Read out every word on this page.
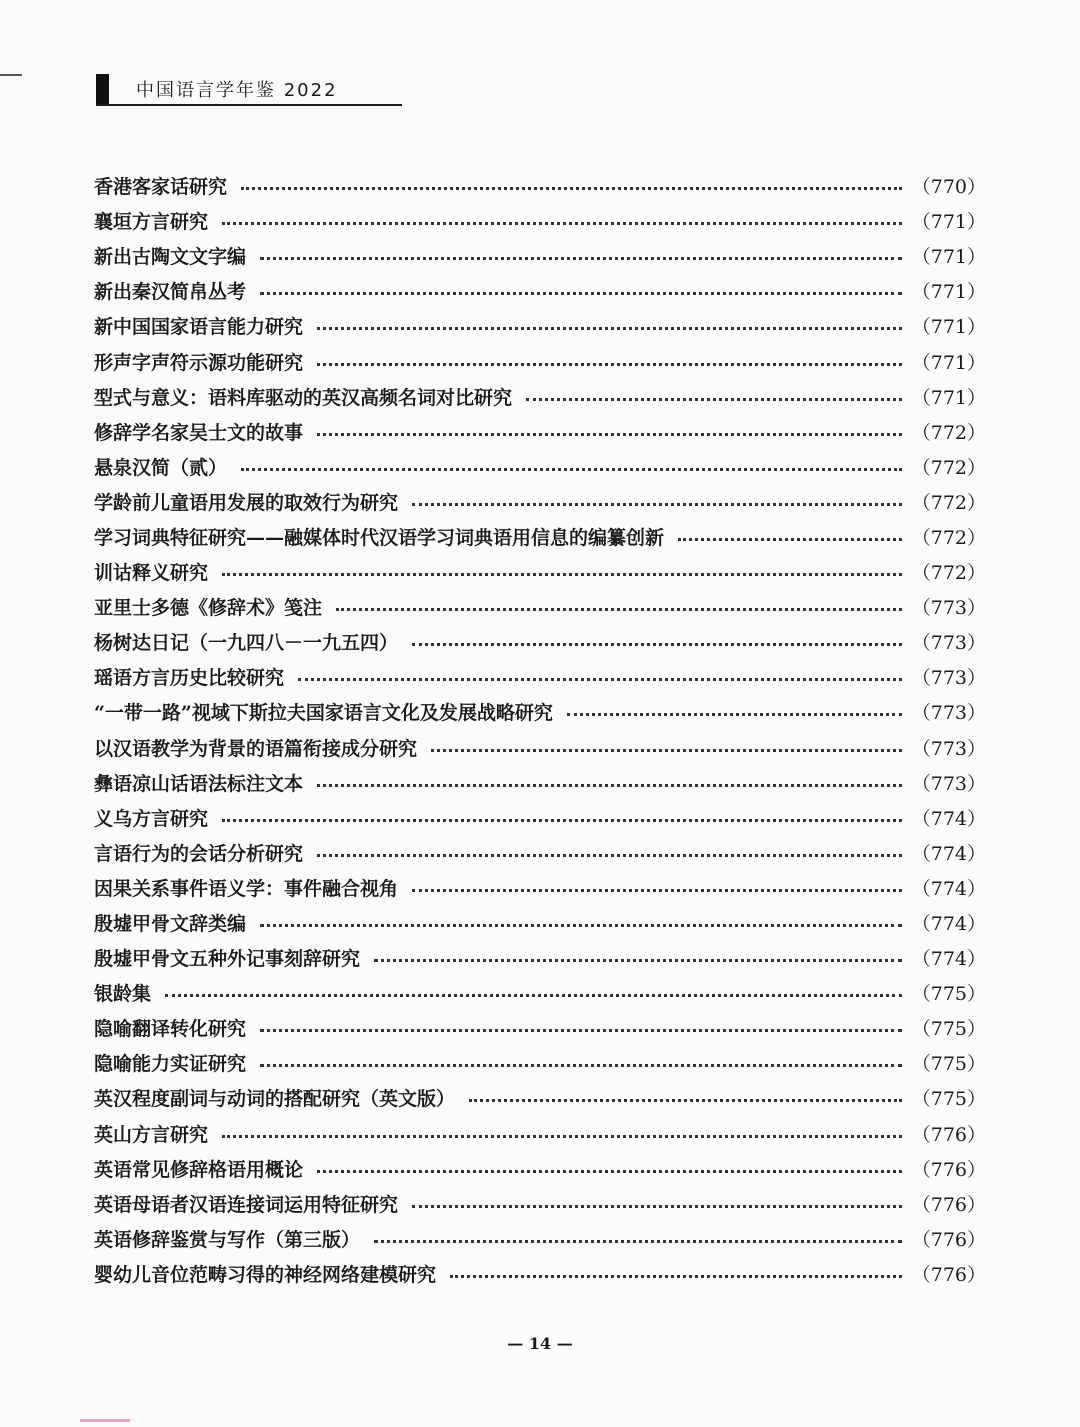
中国语言学年鉴 2022
香港客家话研究	（770）
襄垣方言研究	（771）
新出古陶文文字编	（771）
新出秦汉简帛丛考	（771）
新中国国家语言能力研究	（771）
形声字声符示源功能研究	（771）
型式与意义：语料库驱动的英汉高频名词对比研究	（771）
修辞学名家吴士文的故事	（772）
悬泉汉简（贰）	（772）
学龄前儿童语用发展的取效行为研究	（772）
学习词典特征研究——融媒体时代汉语学习词典语用信息的编纂创新	（772）
训诂释义研究	（772）
亚里士多德《修辞术》笺注	（773）
杨树达日记（一九四八－一九五四）	（773）
瑶语方言历史比较研究	（773）
“一带一路”视域下斯拉夫国家语言文化及发展战略研究	（773）
以汉语教学为背景的语篇衔接成分研究	（773）
彝语凉山话语法标注文本	（773）
义乌方言研究	（774）
言语行为的会话分析研究	（774）
因果关系事件语义学：事件融合视角	（774）
殷墟甲骨文辞类编	（774）
殷墟甲骨文五种外记事刻辞研究	（774）
银龄集	（775）
隐喻翻译转化研究	（775）
隐喻能力实证研究	（775）
英汉程度副词与动词的搭配研究（英文版）	（775）
英山方言研究	（776）
英语常见修辞格语用概论	（776）
英语母语者汉语连接词运用特征研究	（776）
英语修辞鉴赏与写作（第三版）	（776）
婴幼儿音位范畴习得的神经网络建模研究	（776）
— 14 —
